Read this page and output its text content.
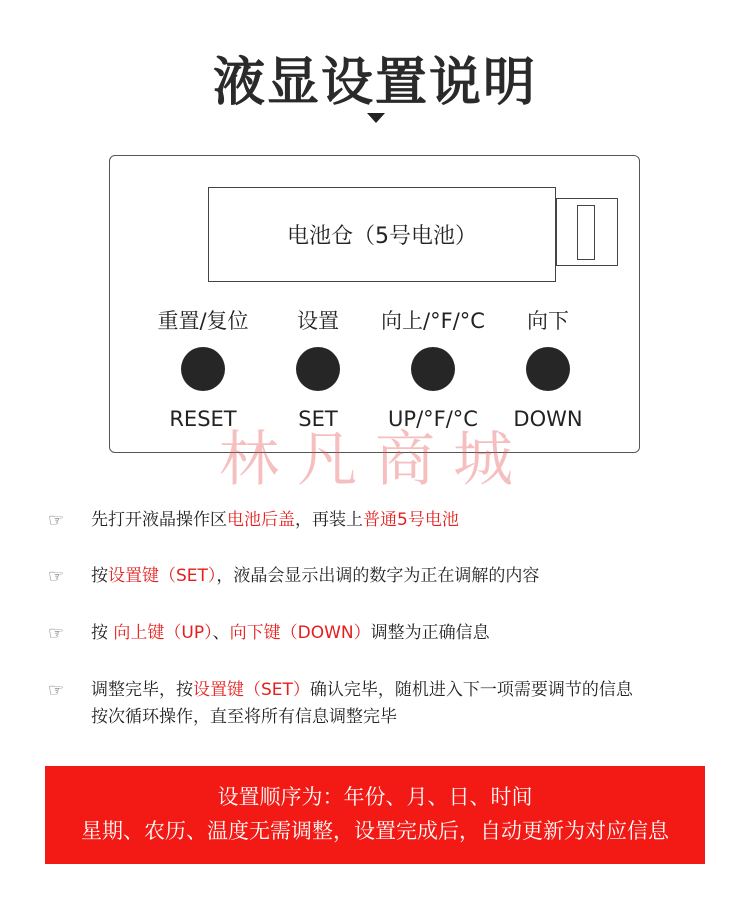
液显设置说明
电池仓（5号电池）
重置/复位
RESET
设置
SET
向上/°F/°C
UP/°F/°C
向下
DOWN
林凡商城
☞	先打开液晶操作区电池后盖，再装上普通5号电池
☞	按设置键（SET），液晶会显示出调的数字为正在调解的内容
☞	按 向上键（UP）、向下键（DOWN）调整为正确信息
☞	调整完毕，按设置键（SET）确认完毕，随机进入下一项需要调节的信息
按次循环操作，直至将所有信息调整完毕
设置顺序为：年份、月、日、时间
星期、农历、温度无需调整，设置完成后，自动更新为对应信息
